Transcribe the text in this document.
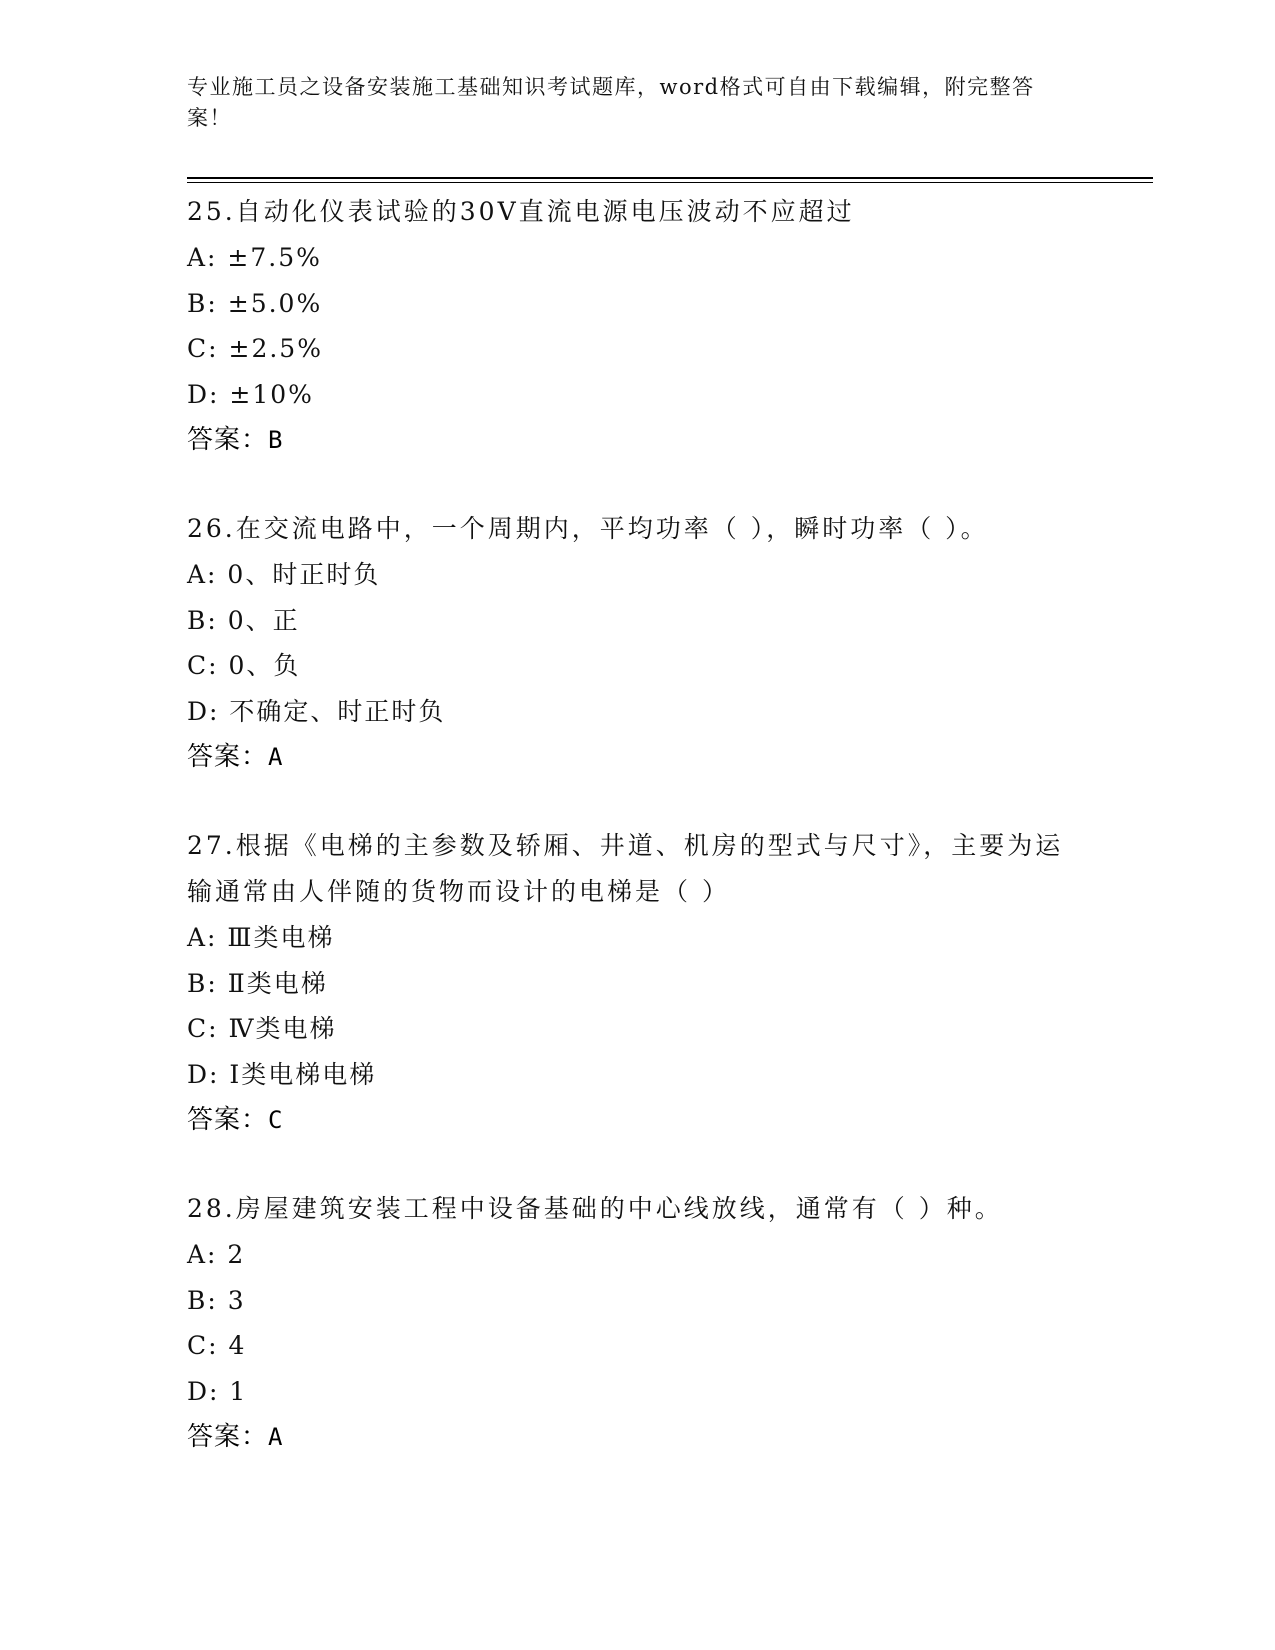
专业施工员之设备安装施工基础知识考试题库，word格式可自由下载编辑，附完整答案！

25.自动化仪表试验的30V直流电源电压波动不应超过

A: ±7.5%

B: ±5.0%

C: ±2.5%

D: ±10%

答案：B

26.在交流电路中，一个周期内，平均功率（ ），瞬时功率（ ）。

A: 0、时正时负

B: 0、正

C: 0、负

D: 不确定、时正时负

答案：A

27.根据《电梯的主参数及轿厢、井道、机房的型式与尺寸》，主要为运输通常由人伴随的货物而设计的电梯是（ ）

A: Ⅲ类电梯

B: Ⅱ类电梯

C: Ⅳ类电梯

D: Ⅰ类电梯电梯

答案：C

28.房屋建筑安装工程中设备基础的中心线放线，通常有（ ）种。

A: 2

B: 3

C: 4

D: 1

答案：A
